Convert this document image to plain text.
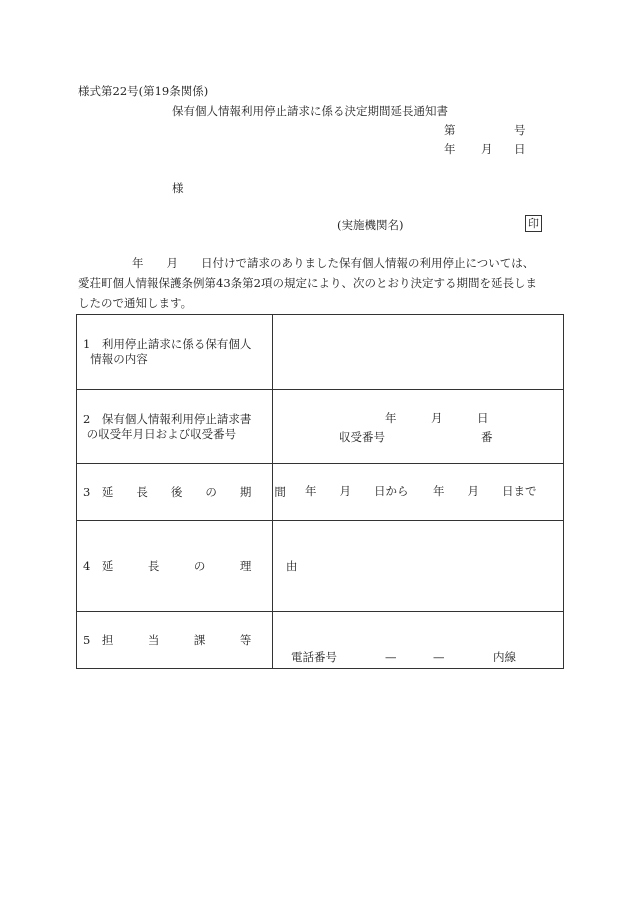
様式第22号(第19条関係)
保有個人情報利用停止請求に係る決定期間延長通知書
第	号
年 月 日
様
(実施機関名)	印
年　　月　　日付けで請求のありました保有個人情報の利用停止については、
愛荘町個人情報保護条例第43条第2項の規定により、次のとおり決定する期間を延長しま
したので通知します。
1　利用停止請求に係る保有個人
情報の内容	

2　保有個人情報利用停止請求書
の収受年月日および収受番号	年　　　月　　　日
収受番号 番

3　延　　長　　後　　の　　期　　間	年　　月　　日から 年　　月　　日まで

4　延　　　長　　　の　　　理　　　由	

5　担　　　当　　　課　　　等	電話番号 — — 内線
